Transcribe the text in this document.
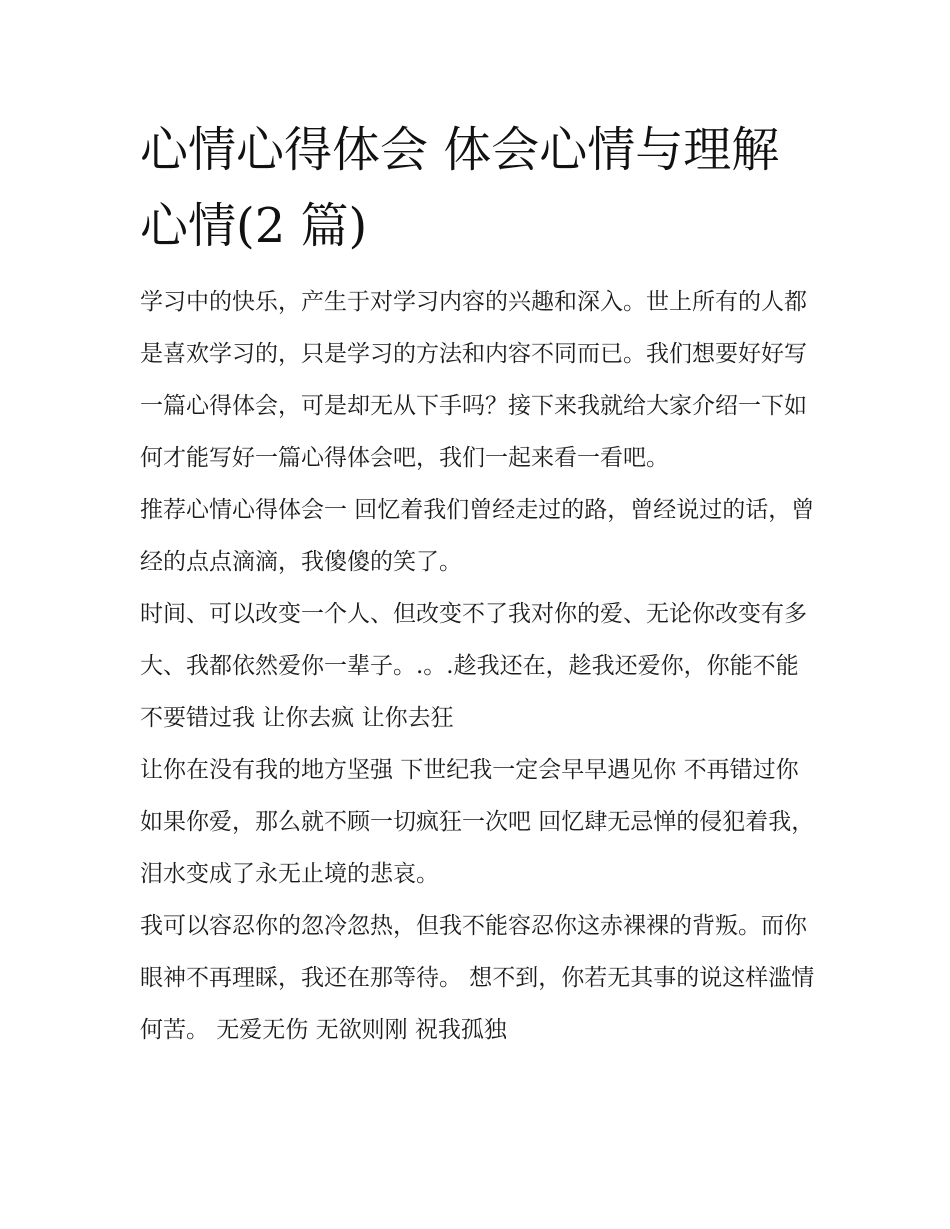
心情心得体会 体会心情与理解心情(2 篇)

学习中的快乐，产生于对学习内容的兴趣和深入。世上所有的人都是喜欢学习的，只是学习的方法和内容不同而已。我们想要好好写一篇心得体会，可是却无从下手吗？接下来我就给大家介绍一下如何才能写好一篇心得体会吧，我们一起来看一看吧。

推荐心情心得体会一 回忆着我们曾经走过的路，曾经说过的话，曾经的点点滴滴，我傻傻的笑了。

时间、可以改变一个人、但改变不了我对你的爱、无论你改变有多大、我都依然爱你一辈子。.。.趁我还在，趁我还爱你，你能不能不要错过我 让你去疯 让你去狂

让你在没有我的地方坚强 下世纪我一定会早早遇见你 不再错过你 如果你爱，那么就不顾一切疯狂一次吧 回忆肆无忌惮的侵犯着我，泪水变成了永无止境的悲哀。

我可以容忍你的忽冷忽热，但我不能容忍你这赤裸裸的背叛。而你眼神不再理睬，我还在那等待。 想不到，你若无其事的说这样滥情何苦。 无爱无伤 无欲则刚 祝我孤独
